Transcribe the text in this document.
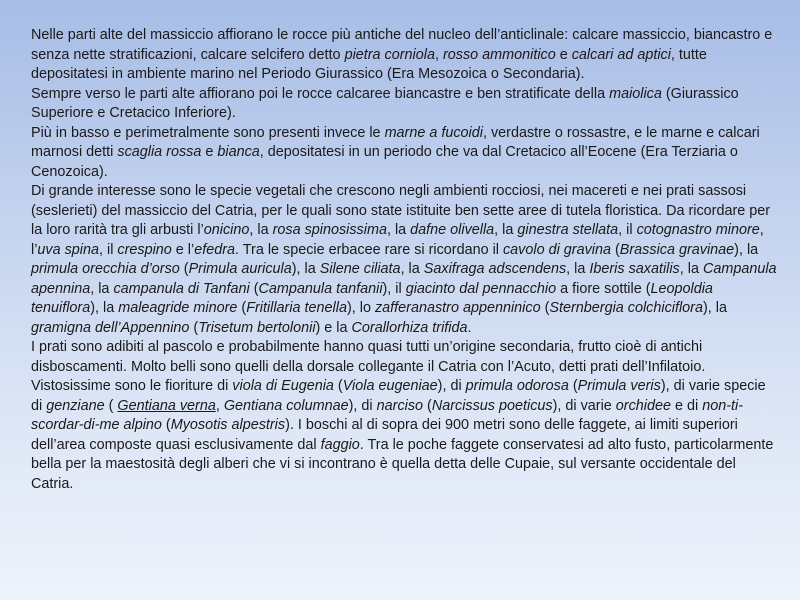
Nelle parti alte del massiccio affiorano le rocce più antiche del nucleo dell’anticlinale: calcare massiccio, biancastro e senza nette stratificazioni, calcare selcifero detto pietra corniola, rosso ammonitico e calcari ad aptici, tutte depositatesi in ambiente marino nel Periodo Giurassico (Era Mesozoica o Secondaria).

Sempre verso le parti alte affiorano poi le rocce calcaree biancastre e ben stratificate della maiolica (Giurassico Superiore e Cretacico Inferiore).

Più in basso e perimetralmente sono presenti invece le marne a fucoidi, verdastre o rossastre, e le marne e calcari marnosi detti scaglia rossa e bianca, depositatesi in un periodo che va dal Cretacico all’Eocene (Era Terziaria o Cenozoica).

Di grande interesse sono le specie vegetali che crescono negli ambienti rocciosi, nei macereti e nei prati sassosi (seslerieti) del massiccio del Catria, per le quali sono state istituite ben sette aree di tutela floristica. Da ricordare per la loro rarità tra gli arbusti l’onicino, la rosa spinosissima, la dafne olivella, la ginestra stellata, il cotognastro minore, l’uva spina, il crespino e l’efedra. Tra le specie erbacee rare si ricordano il cavolo di gravina (Brassica gravinae), la primula orecchia d’orso (Primula auricula), la Silene ciliata, la Saxifraga adscendens, la Iberis saxatilis, la Campanula apennina, la campanula di Tanfani (Campanula tanfanii), il giacinto dal pennacchio a fiore sottile (Leopoldia tenuiflora), la maleagride minore (Fritillaria tenella), lo zafferanastro appenninico (Sternbergia colchiciflora), la gramigna dell’Appennino (Trisetum bertolonii) e la Corallorhiza trifida.

I prati sono adibiti al pascolo e probabilmente hanno quasi tutti un’origine secondaria, frutto cioè di antichi disboscamenti. Molto belli sono quelli della dorsale collegante il Catria con l’Acuto, detti prati dell’Infilatoio. Vistosissime sono le fioriture di viola di Eugenia (Viola eugeniae), di primula odorosa (Primula veris), di varie specie di genziane ( Gentiana verna, Gentiana columnae), di narciso (Narcissus poeticus), di varie orchidee e di non-ti-scordar-di-me alpino (Myosotis alpestris). I boschi al di sopra dei 900 metri sono delle faggete, ai limiti superiori dell’area composte quasi esclusivamente dal faggio. Tra le poche faggete conservatesi ad alto fusto, particolarmente bella per la maestosità degli alberi che vi si incontrano è quella detta delle Cupaie, sul versante occidentale del Catria.
